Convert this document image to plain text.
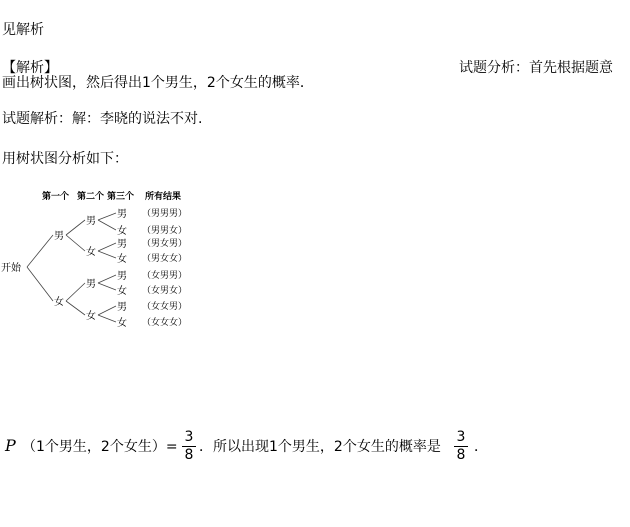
见解析
【解析】	试题分析：首先根据题意
画出树状图，然后得出1个男生，2个女生的概率．
试题解析：解：李晓的说法不对.
用树状图分析如下：
第一个 第二个 第三个 所有结果
开始
男
女
男
女
男
女
男
女
男
女
男
女
男
女
（男男男）
（男男女）
（男女男）
（男女女）
（女男男）
（女男女）
（女女男）
（女女女）
P （1个男生，2个女生）=
3
8 ．所以出现1个男生，2个女生的概率是
3
8 ．
